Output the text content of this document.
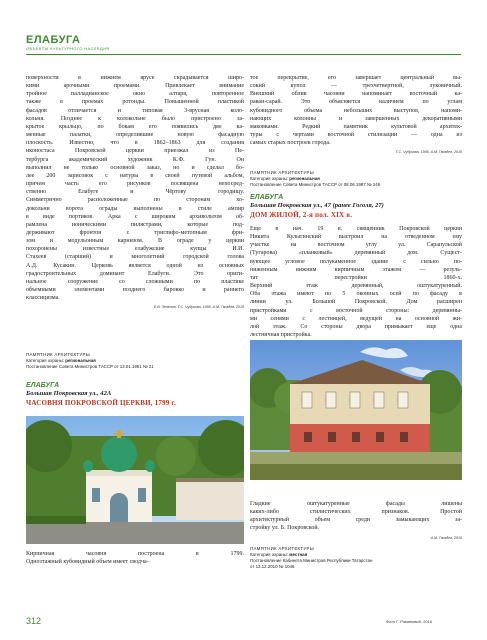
ЕЛАБУГА
ОБЪЕКТЫ КУЛЬТУРНОГО НАСЛЕДИЯ

поверхности в нижнем ярусе скрадывается широ-

кими арочными проемами. Привлекает внимание

тройное палладианское окно алтаря, повторенное

также в проемах ротонды. Повышенной пластикой

фасадов отличается и типовая 3-ярусная коло-

кольня. Позднее к колокольне было пристроено за-

крытое крыльцо, по бокам его появились две ка-

менные палатки, определившие новую фасадную

плоскость. Известно, что в 1862–1863 для создания

иконостаса Покровской церкви приезжал из Пе-

тербурга академический художник К.Ф. Гун. Он

выполнил не только основной заказ, но и сделал бо-

лее 200 зарисовок с натуры в своей путевой альбом,

причем часть его рисунков посвящена непосред-

ственно Елабуге и Чёртову городищу.

Симметрично расположенные по сторонам хо-

докольни ворота ограды выполнены в стиле ампир

в виде портиков. Арка с широким архивольтом об-

рамлена ионическими пилястрами, которые под-

держивают фронтон с триглифо-метопным фри-

зом и модульонным карнизом. В ограде у церкви

похоронены известные елабужские купцы И.И.

Стахеев (старший) и многолетний городской голова

А.Д. Кусакин. Церковь является одной из основных

градостроительных доминант Елабуги. Это ориги-

нальное сооружение со сложными по пластике

объемными элементами позднего барокко и раннего

классицизма.

Е.В. Зеленов, Т.С. Чубукова, 1995, А.М. Гвоздев, 2016
ПАМЯТНИК АРХИТЕКТУРЫ
Категория охраны: региональная
Постановление Совета Министров ТАССР от 13.01.1961 № 21

тое перекрытие, его завершает центральный вы-

сокий купол — трехчетвертной, луковичный.

Внешний облик часовни напоминает восточный ка-

раван-сарай. Это объясняется наличием по углам

кубовидного объема небольших выступов, напоми-

нающих колонны и завершенных декоративными

маковками. Редкий памятник культовой архитек-

туры с чертами восточной стилизации — одна из

самых старых построек города.

Т.С. Чубукова, 1995, А.М. Гвоздев, 2016
ПАМЯТНИК АРХИТЕКТУРЫ
Категория охраны: региональная
Постановление Совета Министров ТАССР от 08.06.1987 № 246
ЕЛАБУГА
Большая Покровская ул., 47 (ранее Гоголя, 27)
ДОМ ЖИЛОЙ, 2-я пол. XIX в.

Еще в нач. 19 в. священник Покровской церкви

Никита Кулыгинский выстроил на отведенном ему

участке на восточном углу ул. Сарапульской

(Тугарова) «планковый» деревянный дом. Сущест-

вующее угловое полукаменное здание с сильно по-

ниженным нижним кирпичным этажом — резуль-

тат перестройки 1860-х.

Верхний этаж деревянный, оштукатуренный.

Оба этажа имеют по 5 оконных осей по фасаду в

линии ул. Большой Покровской. Дом расширен

пристройками с восточной стороны: деревянны-

ми сенями с лестницей, ведущей на основной жи-

лой этаж. Со стороны двора примыкает еще одна

лестничная пристройка.

ЕЛАБУГА
Большая Покровская ул., 42А
ЧАСОВНЯ ПОКРОВСКОЙ ЦЕРКВИ, 1799 г.

Кирпичная часовня построена в 1799.

Однозтажный кубовидный объем имеет сводча-

Гладкие оштукатуренные фасады лишены

каких-либо стилистических признаков. Простой

архитектурный объем среди замыкающих за-

стройку ул. Б. Покровской.

А.М. Гвоздев, 2015
ПАМЯТНИК АРХИТЕКТУРЫ
Категория охраны: местная
Постановление Кабинета Министров Республики Татарстан
от 13.12.2010 № 1046
312	Фото Г. Романовой, 2016
